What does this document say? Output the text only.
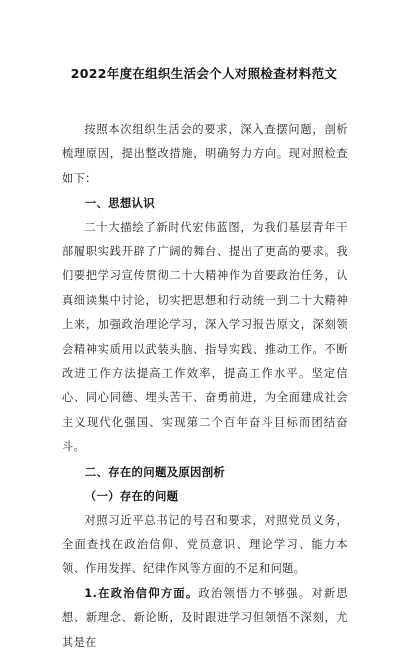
2022年度在组织生活会个人对照检查材料范文

按照本次组织生活会的要求，深入查摆问题，剖析梳理原因，提出整改措施，明确努力方向。现对照检查如下：

一、思想认识

二十大描绘了新时代宏伟蓝图，为我们基层青年干部履职实践开辟了广阔的舞台、提出了更高的要求。我们要把学习宣传贯彻二十大精神作为首要政治任务，认真细读集中讨论，切实把思想和行动统一到二十大精神上来，加强政治理论学习，深入学习报告原文，深刻领会精神实质用以武装头脑、指导实践、推动工作。不断改进工作方法提高工作效率，提高工作水平。坚定信心、同心同德、埋头苦干、奋勇前进，为全面建成社会主义现代化强国、实现第二个百年奋斗目标而团结奋斗。

二、存在的问题及原因剖析

（一）存在的问题

对照习近平总书记的号召和要求，对照党员义务，全面查找在政治信仰、党员意识、理论学习、能力本领、作用发挥、纪律作风等方面的不足和问题。

1.在政治信仰方面。政治领悟力不够强。对新思想、新理念、新论断，及时跟进学习但领悟不深刻，尤其是在
